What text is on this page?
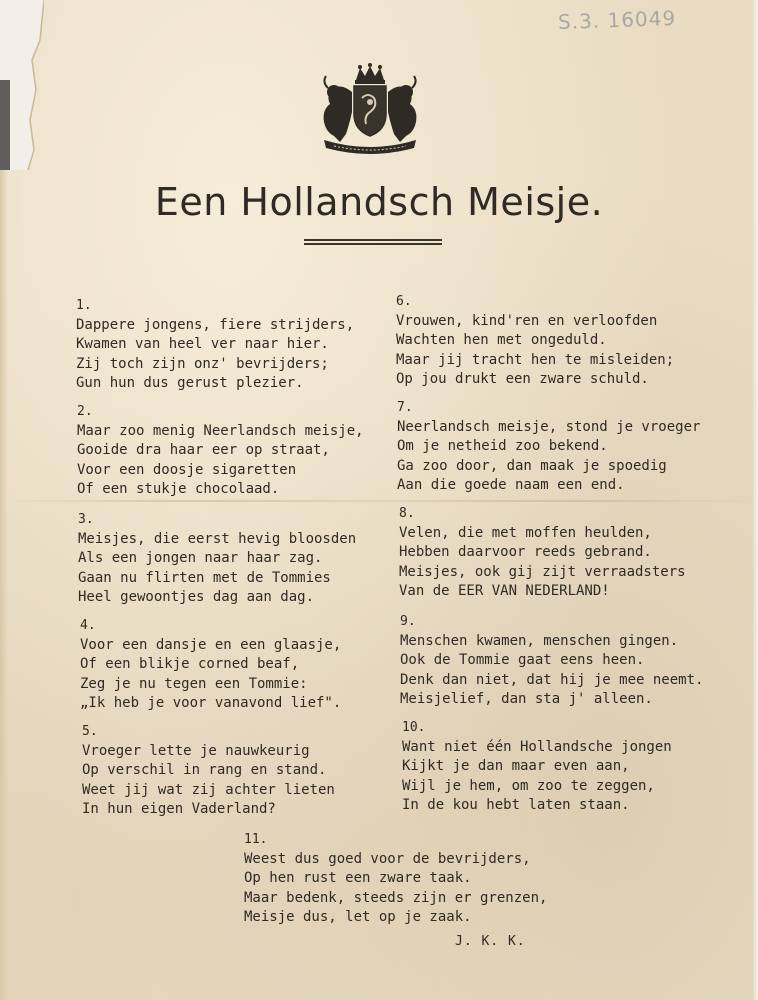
S.3. 16049
Een Hollandsch Meisje.
1.
Dappere jongens, fiere strijders,
Kwamen van heel ver naar hier.
Zij toch zijn onz' bevrijders;
Gun hun dus gerust plezier.
2.
Maar zoo menig Neerlandsch meisje,
Gooide dra haar eer op straat,
Voor een doosje sigaretten
Of een stukje chocolaad.
3.
Meisjes, die eerst hevig bloosden
Als een jongen naar haar zag.
Gaan nu flirten met de Tommies
Heel gewoontjes dag aan dag.
4.
Voor een dansje en een glaasje,
Of een blikje corned beaf,
Zeg je nu tegen een Tommie:
„Ik heb je voor vanavond lief".
5.
Vroeger lette je nauwkeurig
Op verschil in rang en stand.
Weet jij wat zij achter lieten
In hun eigen Vaderland?
6.
Vrouwen, kind'ren en verloofden
Wachten hen met ongeduld.
Maar jij tracht hen te misleiden;
Op jou drukt een zware schuld.
7.
Neerlandsch meisje, stond je vroeger
Om je netheid zoo bekend.
Ga zoo door, dan maak je spoedig
Aan die goede naam een end.
8.
Velen, die met moffen heulden,
Hebben daarvoor reeds gebrand.
Meisjes, ook gij zijt verraadsters
Van de EER VAN NEDERLAND!
9.
Menschen kwamen, menschen gingen.
Ook de Tommie gaat eens heen.
Denk dan niet, dat hij je mee neemt.
Meisjelief, dan sta j' alleen.
10.
Want niet één Hollandsche jongen
Kijkt je dan maar even aan,
Wijl je hem, om zoo te zeggen,
In de kou hebt laten staan.
11.
Weest dus goed voor de bevrijders,
Op hen rust een zware taak.
Maar bedenk, steeds zijn er grenzen,
Meisje dus, let op je zaak.
J. K. K.
